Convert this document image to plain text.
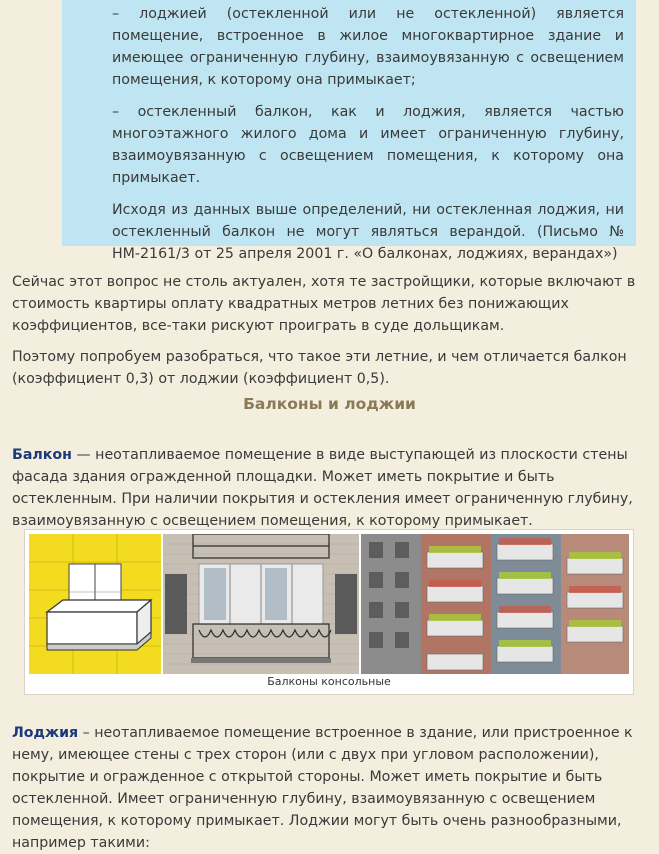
– лоджией (остекленной или не остекленной) является помещение, встроенное в жилое многоквартирное здание и имеющее ограниченную глубину, взаимоувязанную с освещением помещения, к которому она примыкает;

– остекленный балкон, как и лоджия, является частью многоэтажного жилого дома и имеет ограниченную глубину, взаимоувязанную с освещением помещения, к которому она примыкает.

Исходя из данных выше определений, ни остекленная лоджия, ни остекленный балкон не могут являться верандой. (Письмо № НМ-2161/3 от 25 апреля 2001 г. «О балконах, лоджиях, верандах»)

Сейчас этот вопрос не столь актуален, хотя те застройщики, которые включают в стоимость квартиры оплату квадратных метров летних без понижающих коэффициентов, все-таки рискуют проиграть в суде дольщикам.

Поэтому попробуем разобраться, что такое эти летние, и чем отличается балкон (коэффициент 0,3) от лоджии (коэффициент 0,5).

Балконы и лоджии

Балкон — неотапливаемое помещение в виде выступающей из плоскости стены фасада здания огражденной площадки. Может иметь покрытие и быть остекленным. При наличии покрытия и остекления имеет ограниченную глубину, взаимоувязанную с освещением помещения, к которому примыкает.

Балконы консольные

Лоджия – неотапливаемое помещение встроенное в здание, или пристроенное к нему, имеющее стены с трех сторон (или с двух при угловом расположении), покрытие и огражденное с открытой стороны. Может иметь покрытие и быть остекленной. Имеет ограниченную глубину, взаимоувязанную с освещением помещения, к которому примыкает. Лоджии могут быть очень разнообразными, например такими:
